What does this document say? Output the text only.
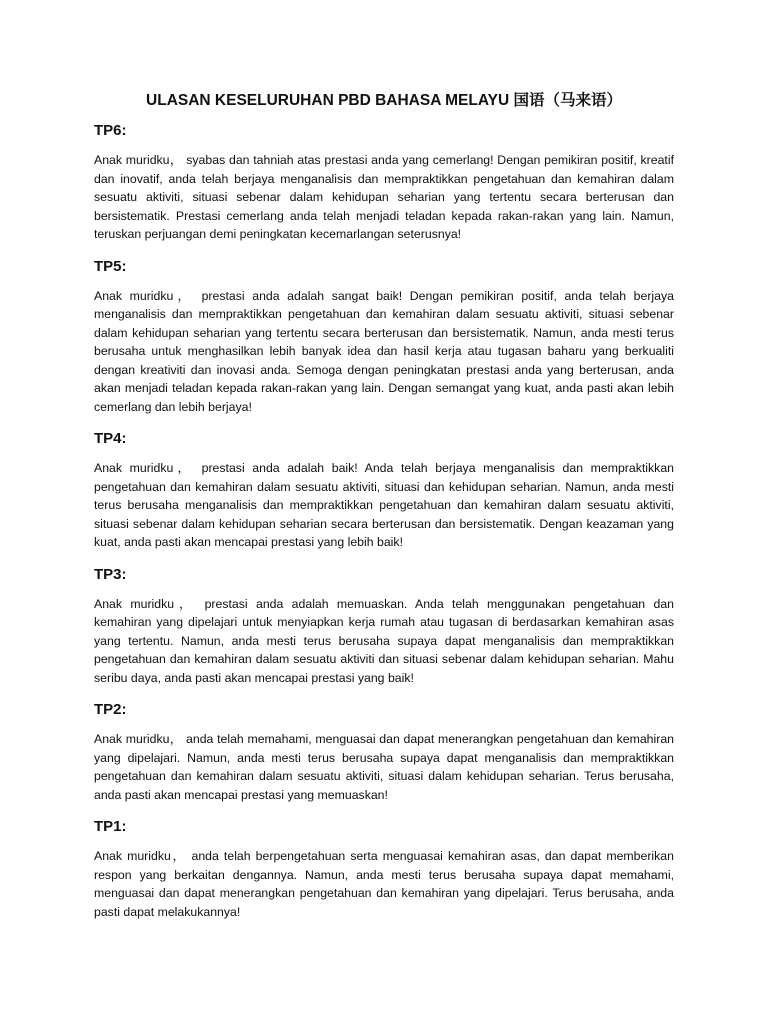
ULASAN KESELURUHAN PBD BAHASA MELAYU 国语（马来语）
TP6:

Anak muridku， syabas dan tahniah atas prestasi anda yang cemerlang! Dengan pemikiran positif, kreatif dan inovatif, anda telah berjaya menganalisis dan mempraktikkan pengetahuan dan kemahiran dalam sesuatu aktiviti, situasi sebenar dalam kehidupan seharian yang tertentu secara berterusan dan bersistematik. Prestasi cemerlang anda telah menjadi teladan kepada rakan-rakan yang lain. Namun, teruskan perjuangan demi peningkatan kecemarlangan seterusnya!

TP5:

Anak muridku， prestasi anda adalah sangat baik! Dengan pemikiran positif, anda telah berjaya menganalisis dan mempraktikkan pengetahuan dan kemahiran dalam sesuatu aktiviti, situasi sebenar dalam kehidupan seharian yang tertentu secara berterusan dan bersistematik. Namun, anda mesti terus berusaha untuk menghasilkan lebih banyak idea dan hasil kerja atau tugasan baharu yang berkualiti dengan kreativiti dan inovasi anda. Semoga dengan peningkatan prestasi anda yang berterusan, anda akan menjadi teladan kepada rakan-rakan yang lain. Dengan semangat yang kuat, anda pasti akan lebih cemerlang dan lebih berjaya!

TP4:

Anak muridku， prestasi anda adalah baik! Anda telah berjaya menganalisis dan mempraktikkan pengetahuan dan kemahiran dalam sesuatu aktiviti, situasi dan kehidupan seharian. Namun, anda mesti terus berusaha menganalisis dan mempraktikkan pengetahuan dan kemahiran dalam sesuatu aktiviti, situasi sebenar dalam kehidupan seharian secara berterusan dan bersistematik. Dengan keazaman yang kuat, anda pasti akan mencapai prestasi yang lebih baik!

TP3:

Anak muridku， prestasi anda adalah memuaskan. Anda telah menggunakan pengetahuan dan kemahiran yang dipelajari untuk menyiapkan kerja rumah atau tugasan di berdasarkan kemahiran asas yang tertentu. Namun, anda mesti terus berusaha supaya dapat menganalisis dan mempraktikkan pengetahuan dan kemahiran dalam sesuatu aktiviti dan situasi sebenar dalam kehidupan seharian. Mahu seribu daya, anda pasti akan mencapai prestasi yang baik!

TP2:

Anak muridku， anda telah memahami, menguasai dan dapat menerangkan pengetahuan dan kemahiran yang dipelajari. Namun, anda mesti terus berusaha supaya dapat menganalisis dan mempraktikkan pengetahuan dan kemahiran dalam sesuatu aktiviti, situasi dalam kehidupan seharian. Terus berusaha, anda pasti akan mencapai prestasi yang memuaskan!

TP1:

Anak muridku， anda telah berpengetahuan serta menguasai kemahiran asas, dan dapat memberikan respon yang berkaitan dengannya. Namun, anda mesti terus berusaha supaya dapat memahami, menguasai dan dapat menerangkan pengetahuan dan kemahiran yang dipelajari. Terus berusaha, anda pasti dapat melakukannya!
